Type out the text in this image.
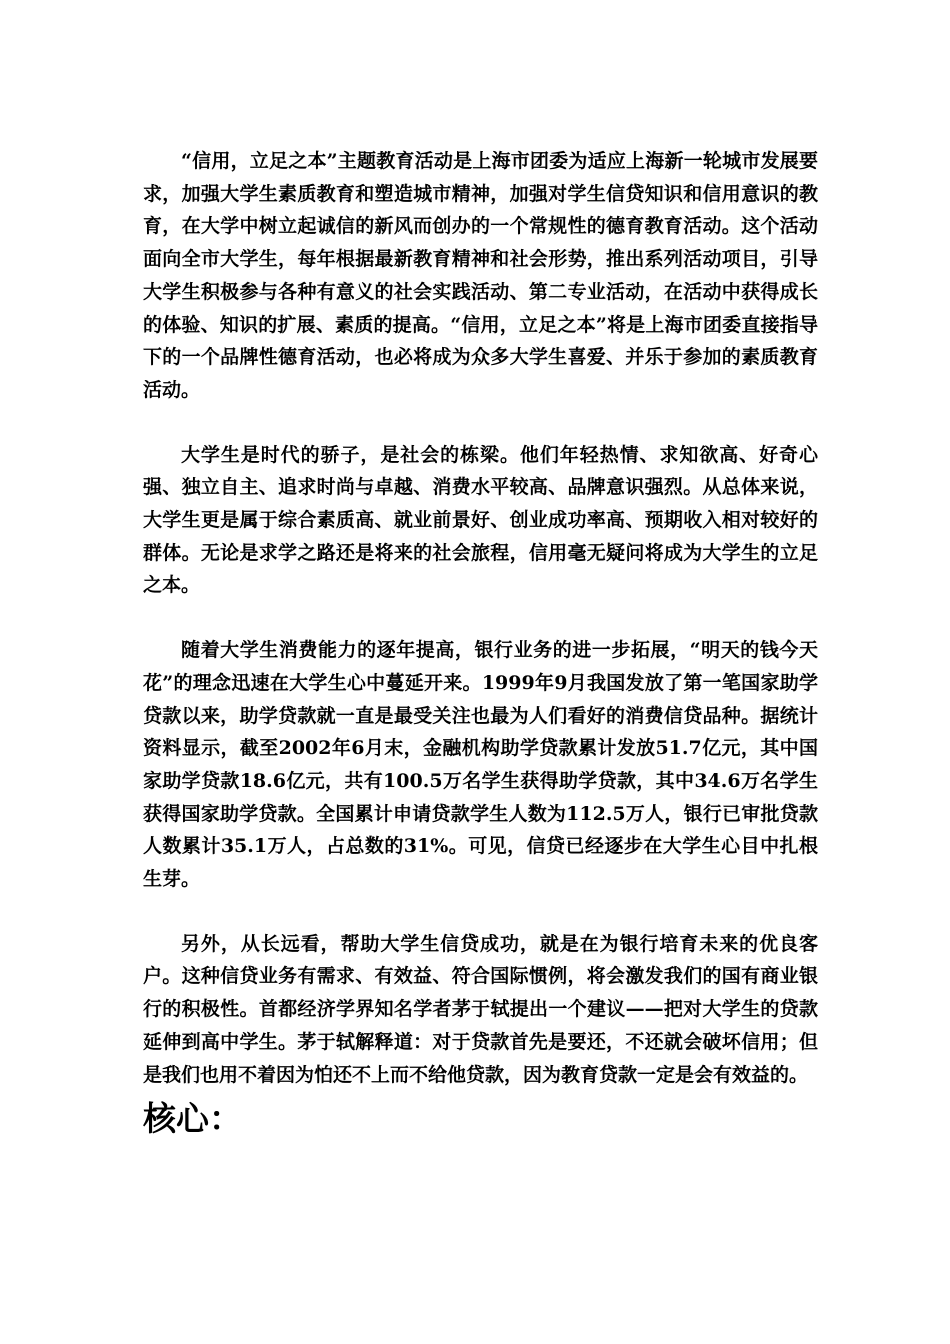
“信用，立足之本”主题教育活动是上海市团委为适应上海新一轮城市发展要求，加强大学生素质教育和塑造城市精神，加强对学生信贷知识和信用意识的教育，在大学中树立起诚信的新风而创办的一个常规性的德育教育活动。这个活动面向全市大学生，每年根据最新教育精神和社会形势，推出系列活动项目，引导大学生积极参与各种有意义的社会实践活动、第二专业活动，在活动中获得成长的体验、知识的扩展、素质的提高。“信用，立足之本”将是上海市团委直接指导下的一个品牌性德育活动，也必将成为众多大学生喜爱、并乐于参加的素质教育活动。

大学生是时代的骄子，是社会的栋梁。他们年轻热情、求知欲高、好奇心强、独立自主、追求时尚与卓越、消费水平较高、品牌意识强烈。从总体来说，大学生更是属于综合素质高、就业前景好、创业成功率高、预期收入相对较好的群体。无论是求学之路还是将来的社会旅程，信用毫无疑问将成为大学生的立足之本。

随着大学生消费能力的逐年提高，银行业务的进一步拓展，“明天的钱今天花”的理念迅速在大学生心中蔓延开来。1999年9月我国发放了第一笔国家助学贷款以来，助学贷款就一直是最受关注也最为人们看好的消费信贷品种。据统计资料显示，截至2002年6月末，金融机构助学贷款累计发放51.7亿元，其中国家助学贷款18.6亿元，共有100.5万名学生获得助学贷款，其中34.6万名学生获得国家助学贷款。全国累计申请贷款学生人数为112.5万人，银行已审批贷款人数累计35.1万人，占总数的31%。可见，信贷已经逐步在大学生心目中扎根生芽。

另外，从长远看，帮助大学生信贷成功，就是在为银行培育未来的优良客户。这种信贷业务有需求、有效益、符合国际惯例，将会激发我们的国有商业银行的积极性。首都经济学界知名学者茅于轼提出一个建议——把对大学生的贷款延伸到高中学生。茅于轼解释道：对于贷款首先是要还，不还就会破坏信用；但是我们也用不着因为怕还不上而不给他贷款，因为教育贷款一定是会有效益的。

核心：
